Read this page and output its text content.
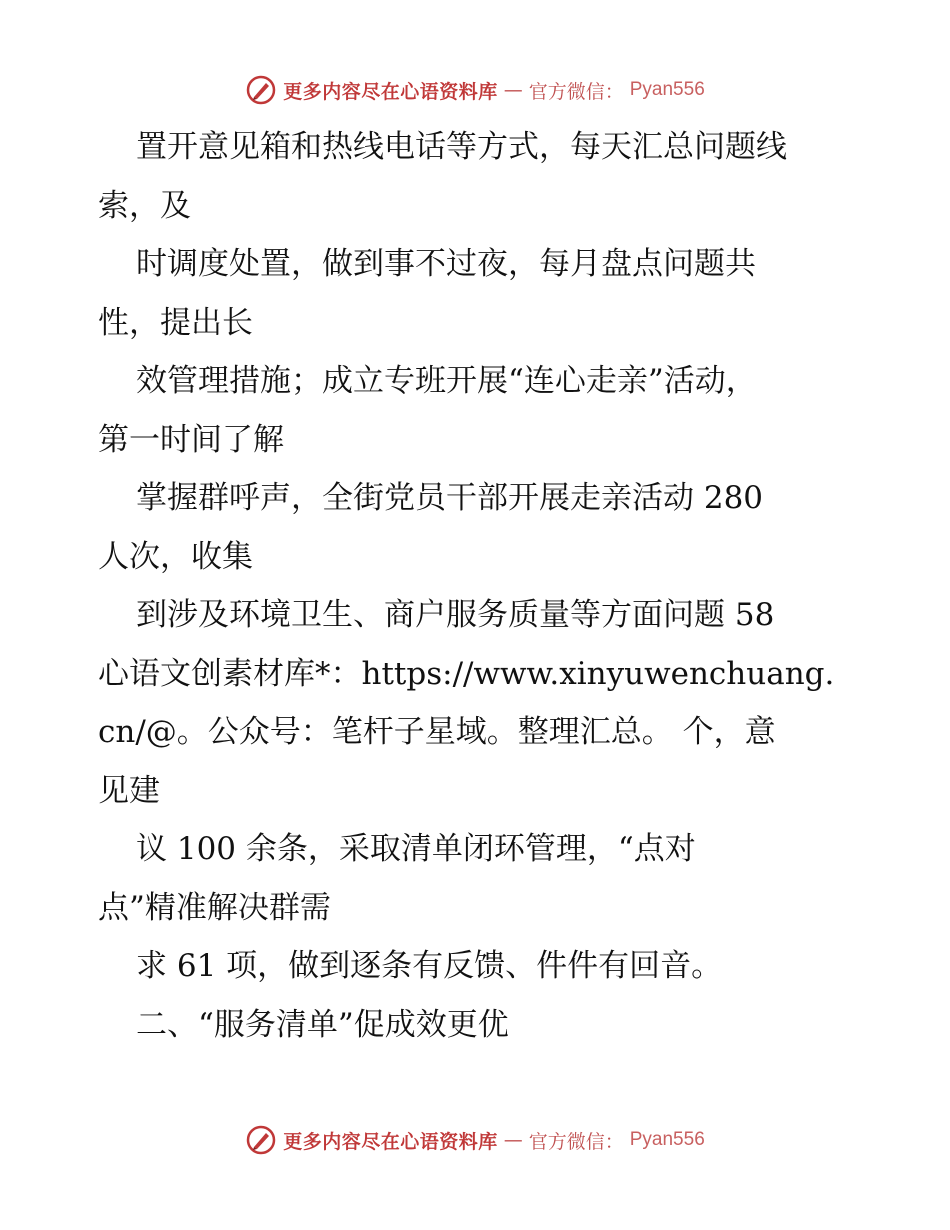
更多内容尽在心语资料库 — 官方微信： Pyan556

置开意见箱和热线电话等方式，每天汇总问题线

索，及

时调度处置，做到事不过夜，每月盘点问题共

性，提出长

效管理措施；成立专班开展“连心走亲”活动，

第一时间了解

掌握群呼声，全街党员干部开展走亲活动 280

人次，收集

到涉及环境卫生、商户服务质量等方面问题 58

心语文创素材库*：https://www.xinyuwenchuang.

cn/@。公众号：笔杆子星域。整理汇总。 个，意

见建

议 100 余条，采取清单闭环管理，“点对

点”精准解决群需

求 61 项，做到逐条有反馈、件件有回音。

二、“服务清单”促成效更优

更多内容尽在心语资料库 — 官方微信： Pyan556
